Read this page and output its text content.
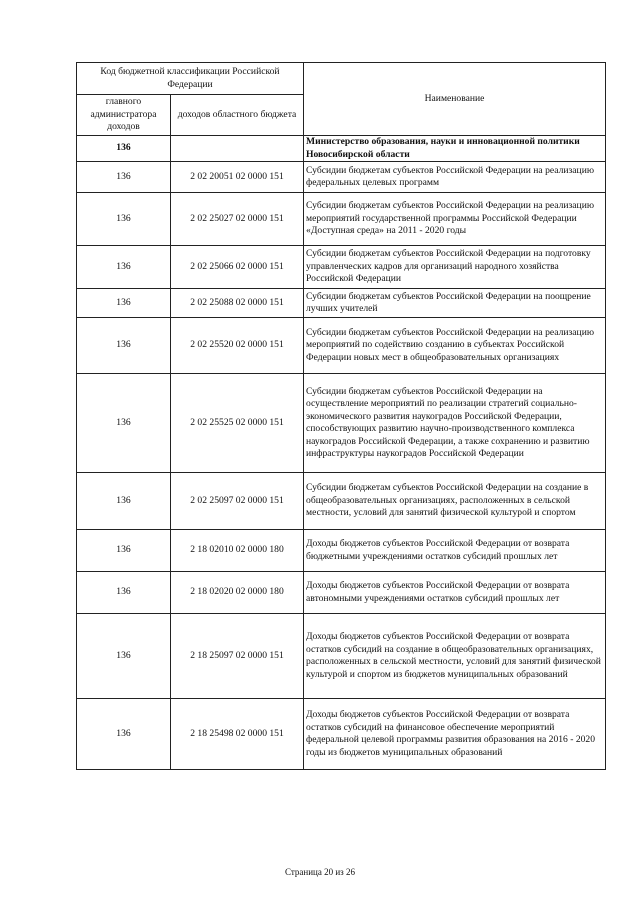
Код бюджетной классификации Российской Федерации		Наименование
главного администратора доходов	доходов областного бюджета	
136		Министерство образования, науки и инновационной политики Новосибирской области
136	2 02 20051 02 0000 151	Субсидии бюджетам субъектов Российской Федерации на реализацию федеральных целевых программ
136	2 02 25027 02 0000 151	Субсидии бюджетам субъектов Российской Федерации на реализацию мероприятий государственной программы Российской Федерации «Доступная среда» на 2011 - 2020 годы
136	2 02 25066 02 0000 151	Субсидии бюджетам субъектов Российской Федерации на подготовку управленческих кадров для организаций народного хозяйства Российской Федерации
136	2 02 25088 02 0000 151	Субсидии бюджетам субъектов Российской Федерации на поощрение лучших учителей
136	2 02 25520 02 0000 151	Субсидии бюджетам субъектов Российской Федерации на реализацию мероприятий по содействию созданию в субъектах Российской Федерации новых мест в общеобразовательных организациях
136	2 02 25525 02 0000 151	Субсидии бюджетам субъектов Российской Федерации на осуществление мероприятий по реализации стратегий социально-экономического развития наукоградов Российской Федерации, способствующих развитию научно-производственного комплекса наукоградов Российской Федерации, а также сохранению и развитию инфраструктуры наукоградов Российской Федерации
136	2 02 25097 02 0000 151	Субсидии бюджетам субъектов Российской Федерации на создание в общеобразовательных организациях, расположенных в сельской местности, условий для занятий физической культурой и спортом
136	2 18 02010 02 0000 180	Доходы бюджетов субъектов Российской Федерации от возврата бюджетными учреждениями остатков субсидий прошлых лет
136	2 18 02020 02 0000 180	Доходы бюджетов субъектов Российской Федерации от возврата автономными учреждениями остатков субсидий прошлых лет
136	2 18 25097 02 0000 151	Доходы бюджетов субъектов Российской Федерации от возврата остатков субсидий на создание в общеобразовательных организациях, расположенных в сельской местности, условий для занятий физической культурой и спортом из бюджетов муниципальных образований
136	2 18 25498 02 0000 151	Доходы бюджетов субъектов Российской Федерации от возврата остатков субсидий на финансовое обеспечение мероприятий федеральной целевой программы развития образования на 2016 - 2020 годы из бюджетов муниципальных образований
Страница 20 из 26
